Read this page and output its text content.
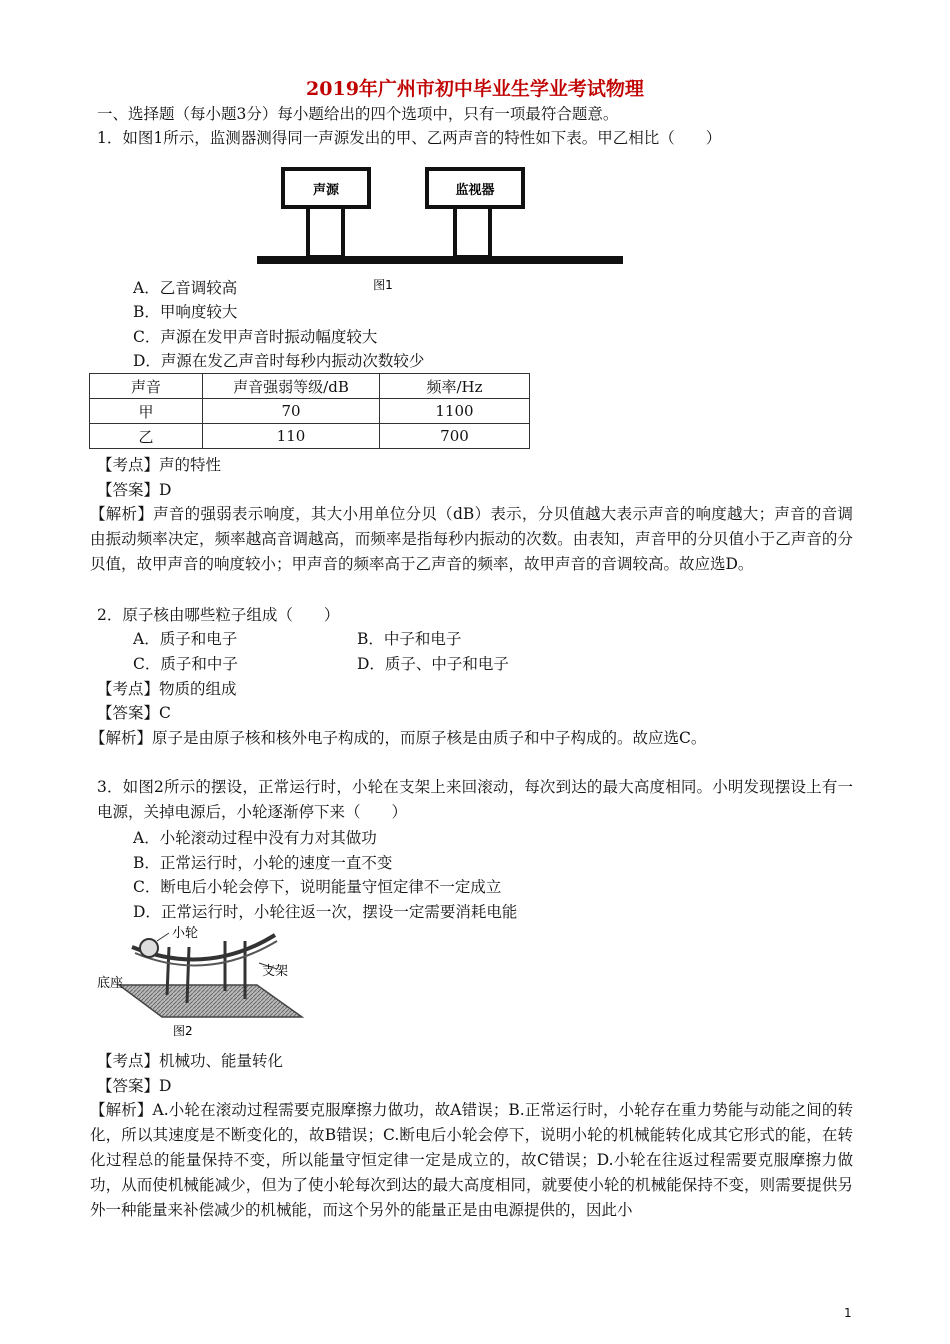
2019年广州市初中毕业生学业考试物理
一、选择题（每小题3分）每小题给出的四个选项中，只有一项最符合题意。
1．如图1所示，监测器测得同一声源发出的甲、乙两声音的特性如下表。甲乙相比（　　）
声源	监视器
图1
A．乙音调较高
B．甲响度较大
C．声源在发甲声音时振动幅度较大
D．声源在发乙声音时每秒内振动次数较少
声音	声音强弱等级/dB	频率/Hz
甲	70	1100
乙	110	700
【考点】声的特性
【答案】D
【解析】声音的强弱表示响度，其大小用单位分贝（dB）表示，分贝值越大表示声音的响度越大；声音的音调由振动频率决定，频率越高音调越高，而频率是指每秒内振动的次数。由表知，声音甲的分贝值小于乙声音的分贝值，故甲声音的响度较小；甲声音的频率高于乙声音的频率，故甲声音的音调较高。故应选D。
2．原子核由哪些粒子组成（　　）
A．质子和电子	B．中子和电子
C．质子和中子	D．质子、中子和电子
【考点】物质的组成
【答案】C
【解析】原子是由原子核和核外电子构成的，而原子核是由质子和中子构成的。故应选C。
3．如图2所示的摆设，正常运行时，小轮在支架上来回滚动，每次到达的最大高度相同。小明发现摆设上有一电源，关掉电源后，小轮逐渐停下来（　　）
A．小轮滚动过程中没有力对其做功
B．正常运行时，小轮的速度一直不变
C．断电后小轮会停下，说明能量守恒定律不一定成立
D．正常运行时，小轮往返一次，摆设一定需要消耗电能
小轮
底座
支架
图2
【考点】机械功、能量转化
【答案】D
【解析】A.小轮在滚动过程需要克服摩擦力做功，故A错误；B.正常运行时，小轮存在重力势能与动能之间的转化，所以其速度是不断变化的，故B错误；C.断电后小轮会停下，说明小轮的机械能转化成其它形式的能，在转化过程总的能量保持不变，所以能量守恒定律一定是成立的，故C错误；D.小轮在往返过程需要克服摩擦力做功，从而使机械能减少，但为了使小轮每次到达的最大高度相同，就要使小轮的机械能保持不变，则需要提供另外一种能量来补偿减少的机械能，而这个另外的能量正是由电源提供的，因此小
1
